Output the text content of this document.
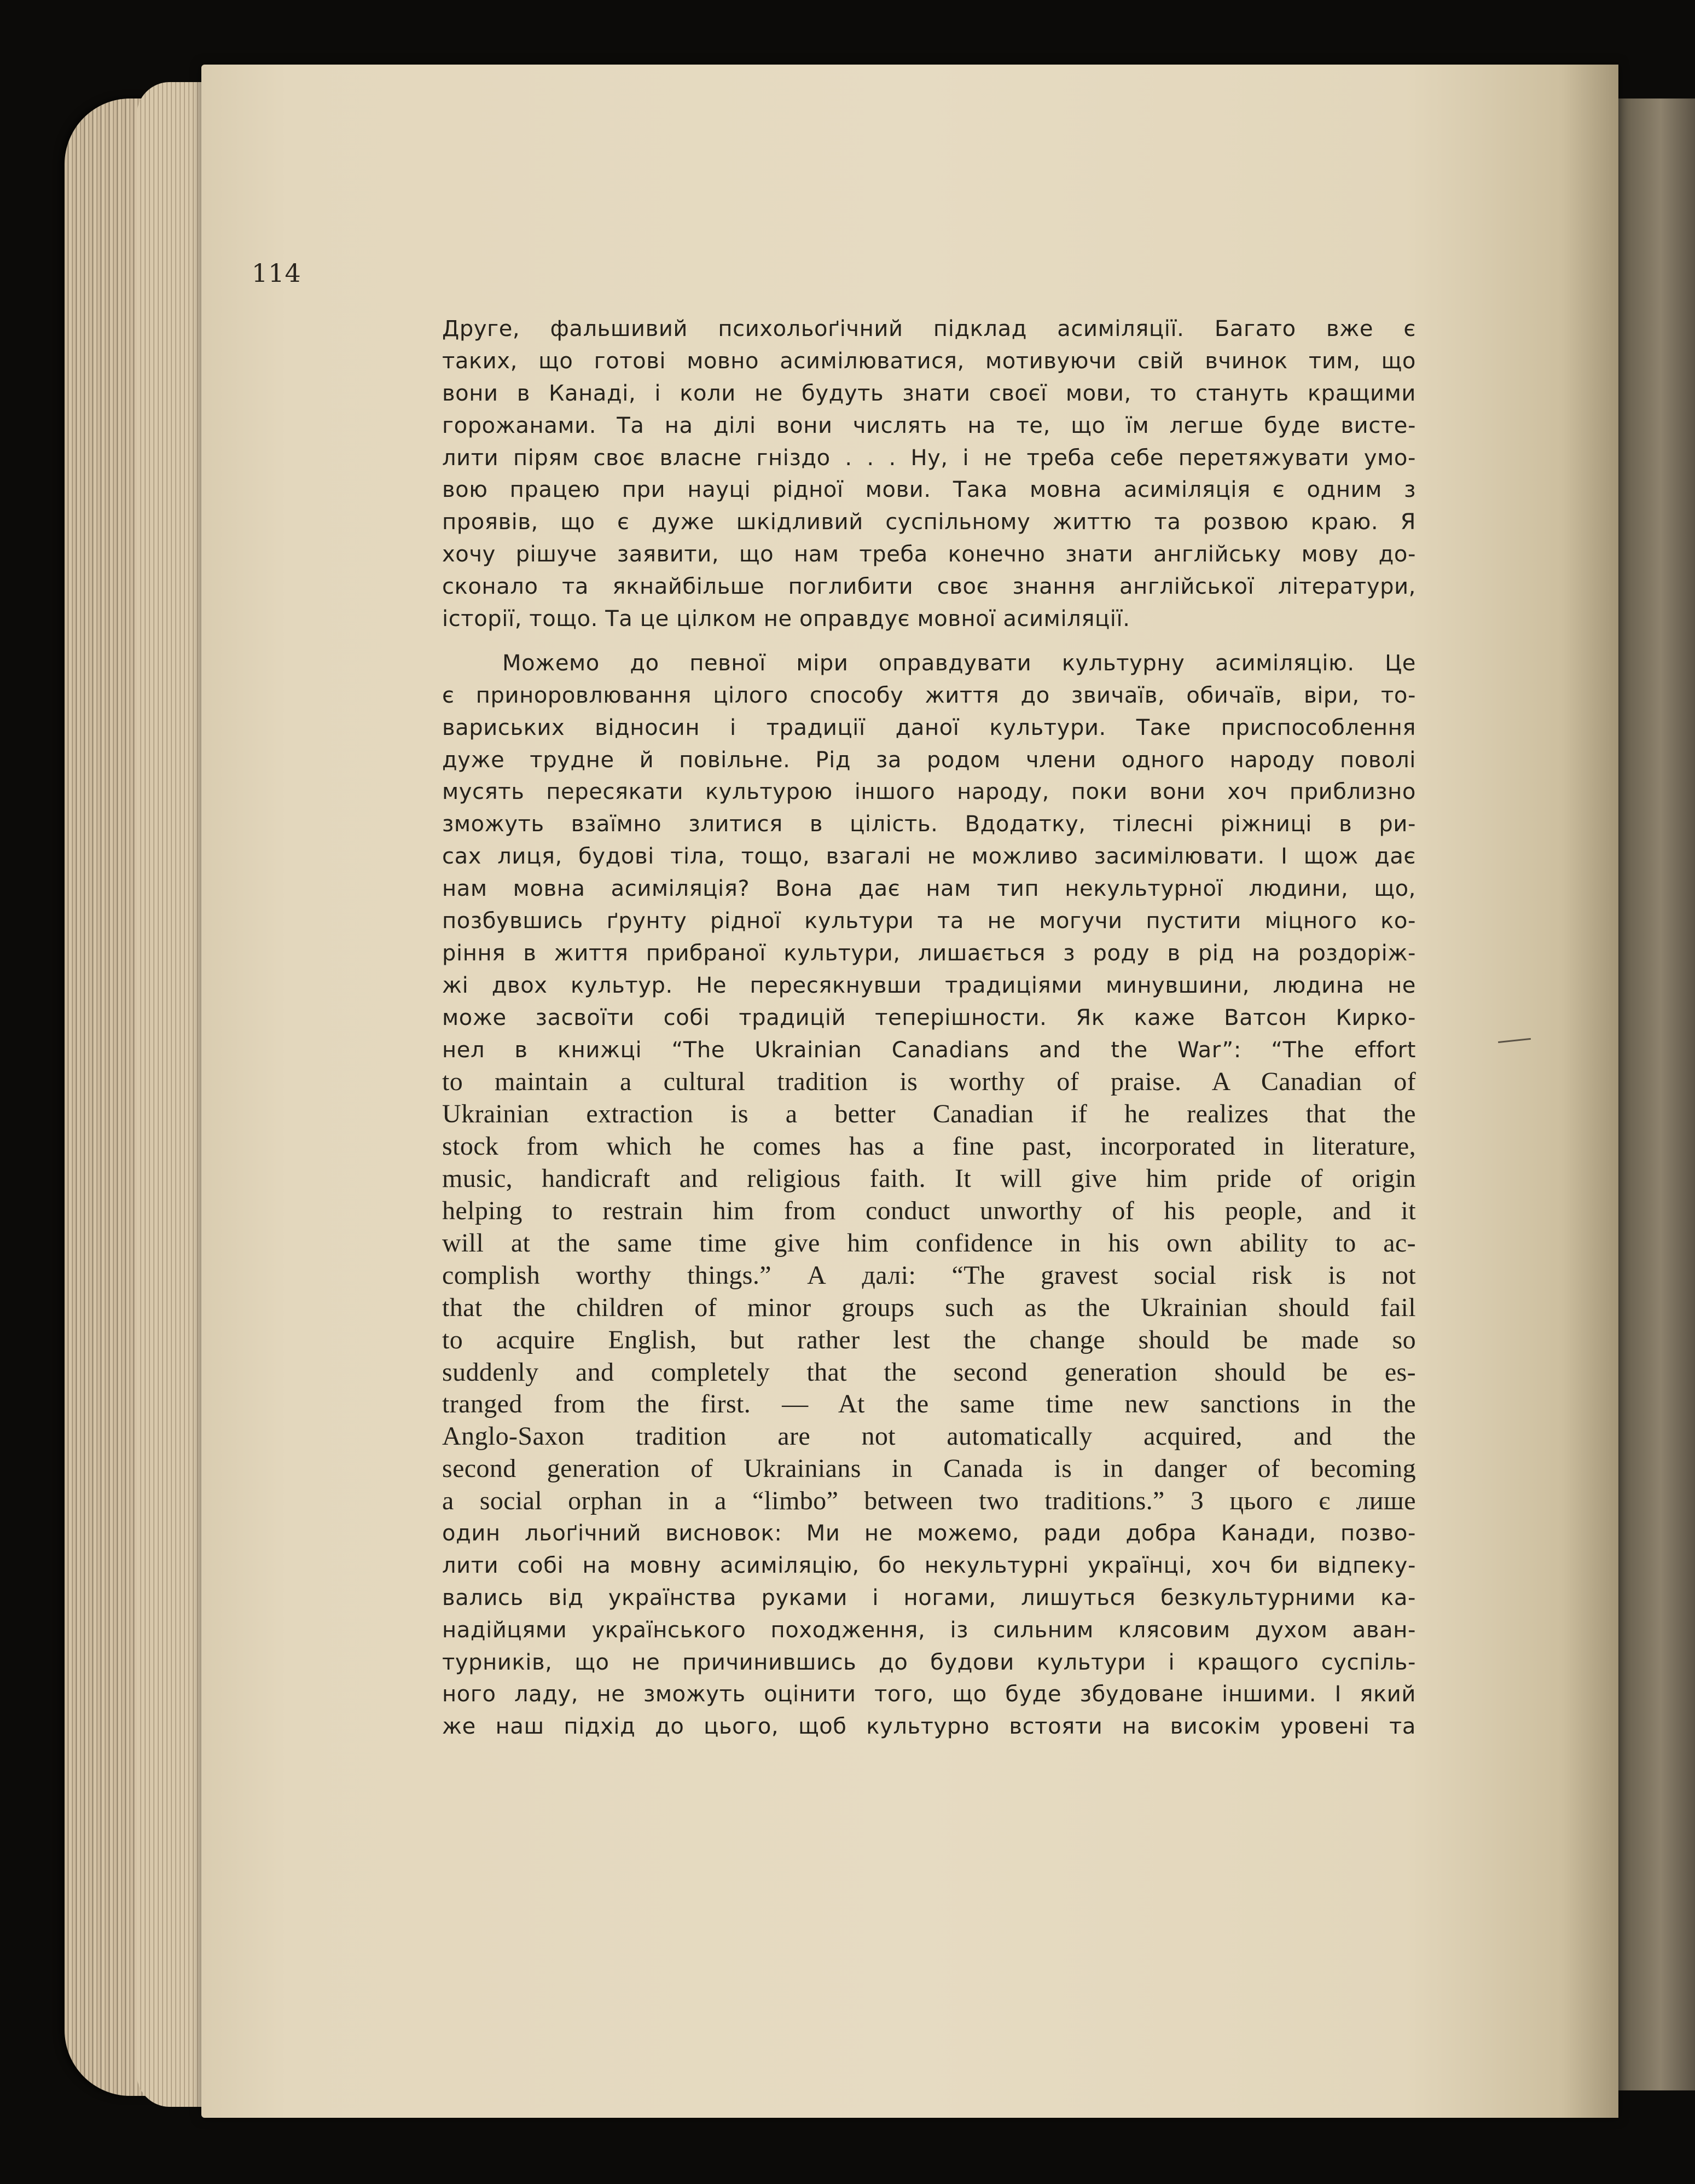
114
Друге, фальшивий психольоґічний підклад асиміляції. Багато вже є
таких, що готові мовно асимілюватися, мотивуючи свій вчинок тим, що
вони в Канаді, і коли не будуть знати своєї мови, то стануть кращими
горожанами. Та на ділі вони числять на те, що їм легше буде висте-
лити пірям своє власне гніздо . . . Ну, і не треба себе перетяжувати умо-
вою працею при науці рідної мови. Така мовна асиміляція є одним з
проявів, що є дуже шкідливий суспільному життю та розвою краю. Я
хочу рішуче заявити, що нам треба конечно знати англійську мову до-
сконало та якнайбільше поглибити своє знання англійської літератури,
історії, тощо. Та це цілком не оправдує мовної асиміляції.
Можемо до певної міри оправдувати культурну асиміляцію. Це
є приноровлювання цілого способу життя до звичаїв, обичаїв, віри, то-
вариських відносин і традиції даної культури. Таке приспособлення
дуже трудне й повільне. Рід за родом члени одного народу поволі
мусять пересякати культурою іншого народу, поки вони хоч приблизно
зможуть взаїмно злитися в цілість. Вдодатку, тілесні ріжниці в ри-
сах лиця, будові тіла, тощо, взагалі не можливо засимілювати. І щож дає
нам мовна асиміляція? Вона дає нам тип некультурної людини, що,
позбувшись ґрунту рідної культури та не могучи пустити міцного ко-
ріння в життя прибраної культури, лишається з роду в рід на роздоріж-
жі двох культур. Не пересякнувши традиціями минувшини, людина не
може засвоїти собі традицій теперішности. Як каже Ватсон Кирко-
нел в книжці “The Ukrainian Canadians and the War”: “The effort
to maintain a cultural tradition is worthy of praise. A Canadian of
Ukrainian extraction is a better Canadian if he realizes that the
stock from which he comes has a fine past, incorporated in literature,
music, handicraft and religious faith. It will give him pride of origin
helping to restrain him from conduct unworthy of his people, and it
will at the same time give him confidence in his own ability to ac-
complish worthy things.” А далі: “The gravest social risk is not
that the children of minor groups such as the Ukrainian should fail
to acquire English, but rather lest the change should be made so
suddenly and completely that the second generation should be es-
tranged from the first. — At the same time new sanctions in the
Anglo-Saxon tradition are not automatically acquired, and the
second generation of Ukrainians in Canada is in danger of becoming
a social orphan in a “limbo” between two traditions.” З цього є лише
один льоґічний висновок: Ми не можемо, ради добра Канади, позво-
лити собі на мовну асиміляцію, бо некультурні українці, хоч би відпеку-
вались від українства руками і ногами, лишуться безкультурними ка-
надійцями українського походження, із сильним клясовим духом аван-
турників, що не причинившись до будови культури і кращого суспіль-
ного ладу, не зможуть оцінити того, що буде збудоване іншими. І який
же наш підхід до цього, щоб культурно встояти на високім уровені та
